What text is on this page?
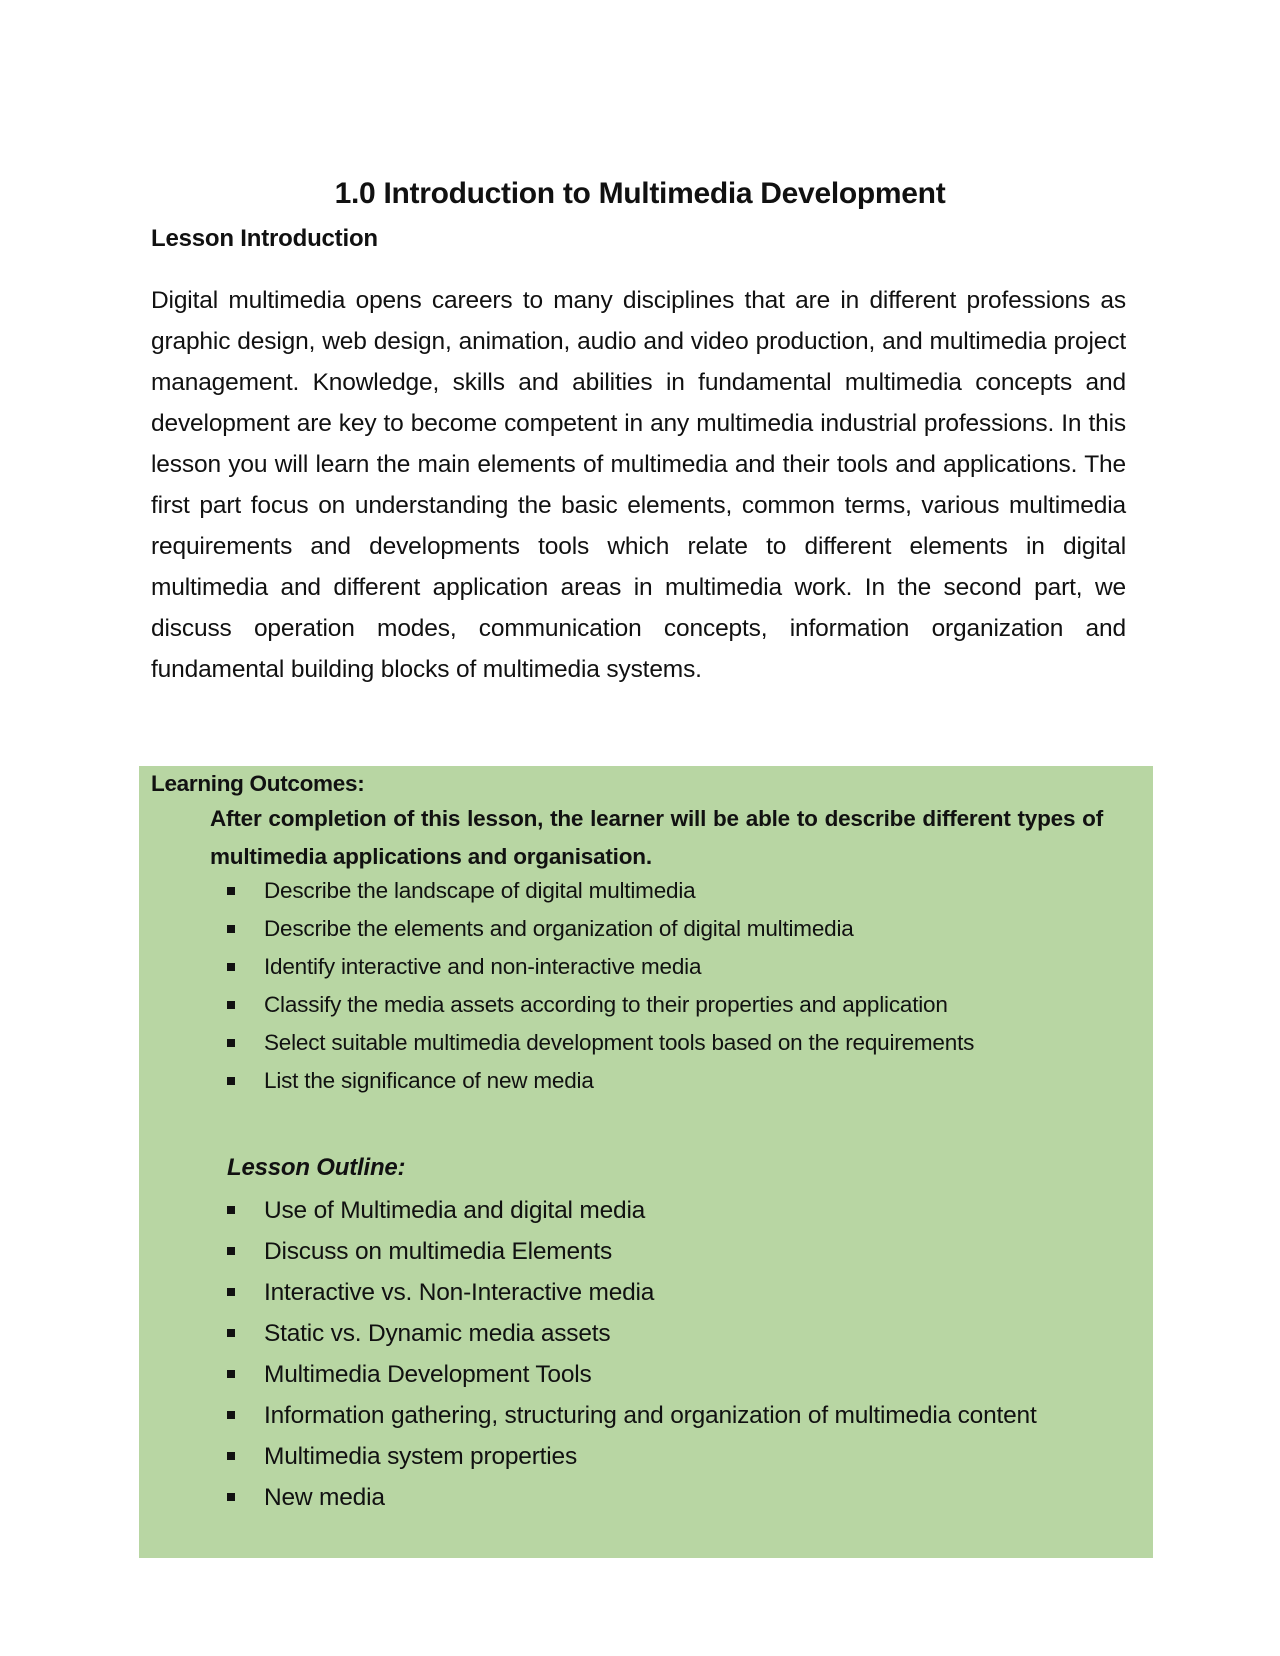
1.0 Introduction to Multimedia Development
Lesson Introduction

Digital multimedia opens careers to many disciplines that are in different professions as graphic design, web design, animation, audio and video production, and multimedia project management. Knowledge, skills and abilities in fundamental multimedia concepts and development are key to become competent in any multimedia industrial professions. In this lesson you will learn the main elements of multimedia and their tools and applications. The first part focus on understanding the basic elements, common terms, various multimedia requirements and developments tools which relate to different elements in digital multimedia and different application areas in multimedia work. In the second part, we discuss operation modes, communication concepts, information organization and fundamental building blocks of multimedia systems.

Learning Outcomes:

After completion of this lesson, the learner will be able to describe different types of multimedia applications and organisation.

Describe the landscape of digital multimedia
Describe the elements and organization of digital multimedia
Identify interactive and non-interactive media
Classify the media assets according to their properties and application
Select suitable multimedia development tools based on the requirements
List the significance of new media
Lesson Outline:
Use of Multimedia and digital media
Discuss on multimedia Elements
Interactive vs. Non-Interactive media
Static vs. Dynamic media assets
Multimedia Development Tools
Information gathering, structuring and organization of multimedia content
Multimedia system properties
New media
